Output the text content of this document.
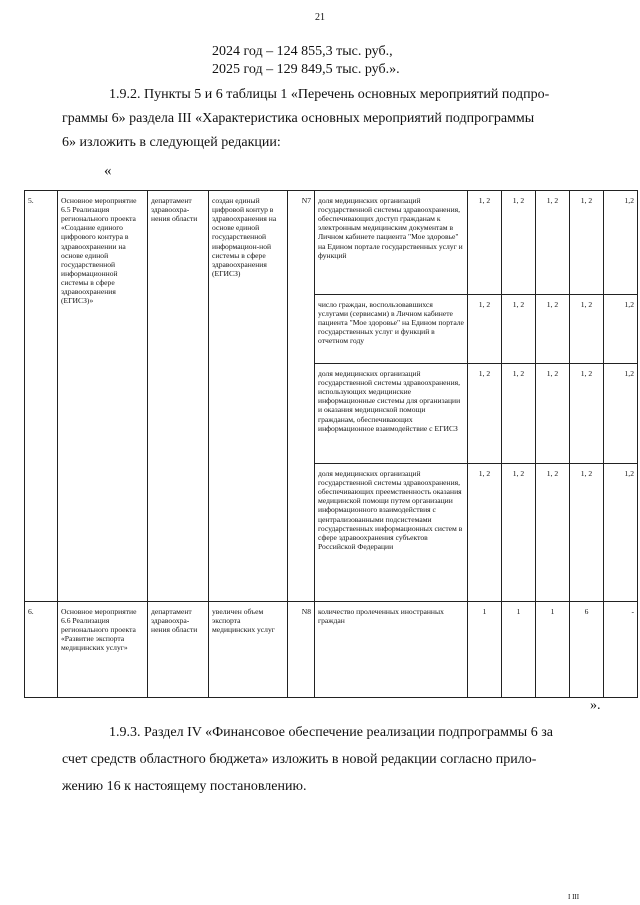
21
2024 год – 124 855,3 тыс. руб.,
2025 год – 129 849,5 тыс. руб.».
1.9.2. Пункты 5 и 6 таблицы 1 «Перечень основных мероприятий подпро-
граммы 6» раздела III «Характеристика основных мероприятий подпрограммы
6» изложить в следующей редакции:
«
5.	Основное мероприятие 6.5 Реализация регионального проекта «Создание единого цифрового контура в здравоохранении на основе единой государственной информационной системы в сфере здравоохранения (ЕГИСЗ)»	департамент здравоохра-нения области	создан единый цифровой контур в здравоохранения на основе единой государственной информацион-ной системы в сфере здравоохранения (ЕГИСЗ)	N7	доля медицинских организаций государственной системы здравоохранения, обеспечивающих доступ гражданам к электронным медицинским документам в Личном кабинете пациента "Мое здоровье" на Едином портале государственных услуг и функций	1, 2	1, 2	1, 2	1, 2	1,2
					число граждан, воспользовавшихся услугами (сервисами) в Личном кабинете пациента "Мое здоровье" на Едином портале государственных услуг и функций в отчетном году	1, 2	1, 2	1, 2	1, 2	1,2
					доля медицинских организаций государственной системы здравоохранения, использующих медицинские информационные системы для организации и оказания медицинской помощи гражданам, обеспечивающих информационное взаимодействие с ЕГИСЗ	1, 2	1, 2	1, 2	1, 2	1,2
					доля медицинских организаций государственной системы здравоохранения, обеспечивающих преемственность оказания медицинской помощи путем организации информационного взаимодействия с централизованными подсистемами государственных информационных систем в сфере здравоохранения субъектов Российской Федерации	1, 2	1, 2	1, 2	1, 2	1,2
6.	Основное мероприятие 6.6 Реализация регионального проекта «Развитие экспорта медицинских услуг»	департамент здравоохра-нения области	увеличен объем экспорта медицинских услуг	N8	количество пролеченных иностранных граждан	1	1	1	6	-
».
1.9.3. Раздел IV «Финансовое обеспечение реализации подпрограммы 6 за
счет средств областного бюджета» изложить в новой редакции согласно прило-
жению 16 к настоящему постановлению.
I III
